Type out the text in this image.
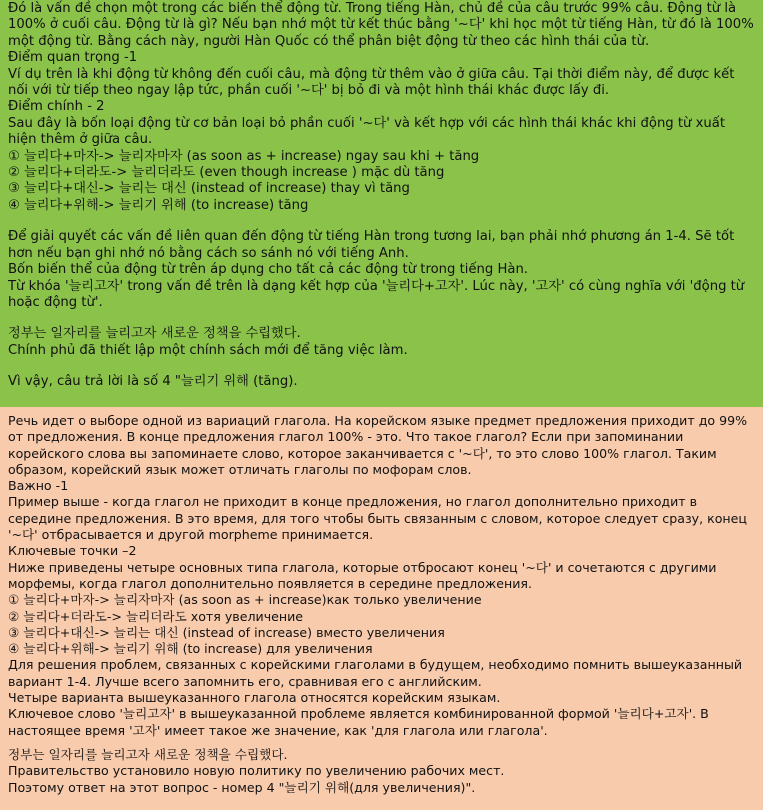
Đó là vấn đề chọn một trong các biến thể động từ. Trong tiếng Hàn, chủ đề của câu trước 99% câu. Động từ là 100% ở cuối câu. Động từ là gì? Nếu bạn nhớ một từ kết thúc bằng '~다' khi học một từ tiếng Hàn, từ đó là 100% một động từ. Bằng cách này, người Hàn Quốc có thể phân biệt động từ theo các hình thái của từ.

Điểm quan trọng -1

Ví dụ trên là khi động từ không đến cuối câu, mà động từ thêm vào ở giữa câu. Tại thời điểm này, để được kết nối với từ tiếp theo ngay lập tức, phần cuối '~다' bị bỏ đi và một hình thái khác được lấy đi.

Điểm chính - 2

Sau đây là bốn loại động từ cơ bản loại bỏ phần cuối '~다' và kết hợp với các hình thái khác khi động từ xuất hiện thêm ở giữa câu.

① 늘리다+마자-> 늘리자마자 (as soon as + increase) ngay sau khi + tăng

② 늘리다+더라도-> 늘리더라도 (even though increase ) mặc dù tăng

③ 늘리다+대신-> 늘리는 대신 (instead of increase) thay vì tăng

④ 늘리다+위해-> 늘리기 위해 (to increase) tăng

Để giải quyết các vấn đề liên quan đến động từ tiếng Hàn trong tương lai, bạn phải nhớ phương án 1-4. Sẽ tốt hơn nếu bạn ghi nhớ nó bằng cách so sánh nó với tiếng Anh.

Bốn biến thể của động từ trên áp dụng cho tất cả các động từ trong tiếng Hàn.

Từ khóa '늘리고자' trong vấn đề trên là dạng kết hợp của '늘리다+고자'. Lúc này, '고자' có cùng nghĩa với 'động từ hoặc động từ'.

정부는 일자리를 늘리고자 새로운 정책을 수립했다.

Chính phủ đã thiết lập một chính sách mới để tăng việc làm.

Vì vậy, câu trả lời là số 4 "늘리기 위해 (tăng).

Речь идет о выборе одной из вариаций глагола. На корейском языке предмет предложения приходит до 99% от предложения. В конце предложения глагол 100% - это. Что такое глагол? Если при запоминании корейского слова вы запоминаете слово, которое заканчивается с '~다', то это слово 100% глагол. Таким образом, корейский язык может отличать глаголы по мофорам слов.

Важно -1

Пример выше - когда глагол не приходит в конце предложения, но глагол дополнительно приходит в середине предложения. В это время, для того чтобы быть связанным с словом, которое следует сразу, конец '~다' отбрасывается и другой morpheme принимается.

Ключевые точки –2

Ниже приведены четыре основных типа глагола, которые отбросают конец '~다' и сочетаются с другими морфемы, когда глагол дополнительно появляется в середине предложения.

① 늘리다+마자-> 늘리자마자 (as soon as + increase)как только увеличение

② 늘리다+더라도-> 늘리더라도 хотя увеличение

③ 늘리다+대신-> 늘리는 대신 (instead of increase) вместо увеличения

④ 늘리다+위해-> 늘리기 위해 (to increase) для увеличения

Для решения проблем, связанных с корейскими глаголами в будущем, необходимо помнить вышеуказанный вариант 1-4. Лучше всего запомнить его, сравнивая его с английским.

Четыре варианта вышеуказанного глагола относятся корейским языкам.

Ключевое слово '늘리고자' в вышеуказанной проблеме является комбинированной формой '늘리다+고자'. В настоящее время '고자' имеет такое же значение, как 'для глагола или глагола'.

정부는 일자리를 늘리고자 새로운 정책을 수립했다.

Правительство установило новую политику по увеличению рабочих мест.

Поэтому ответ на этот вопрос - номер 4 "늘리기 위해(для увеличения)".
